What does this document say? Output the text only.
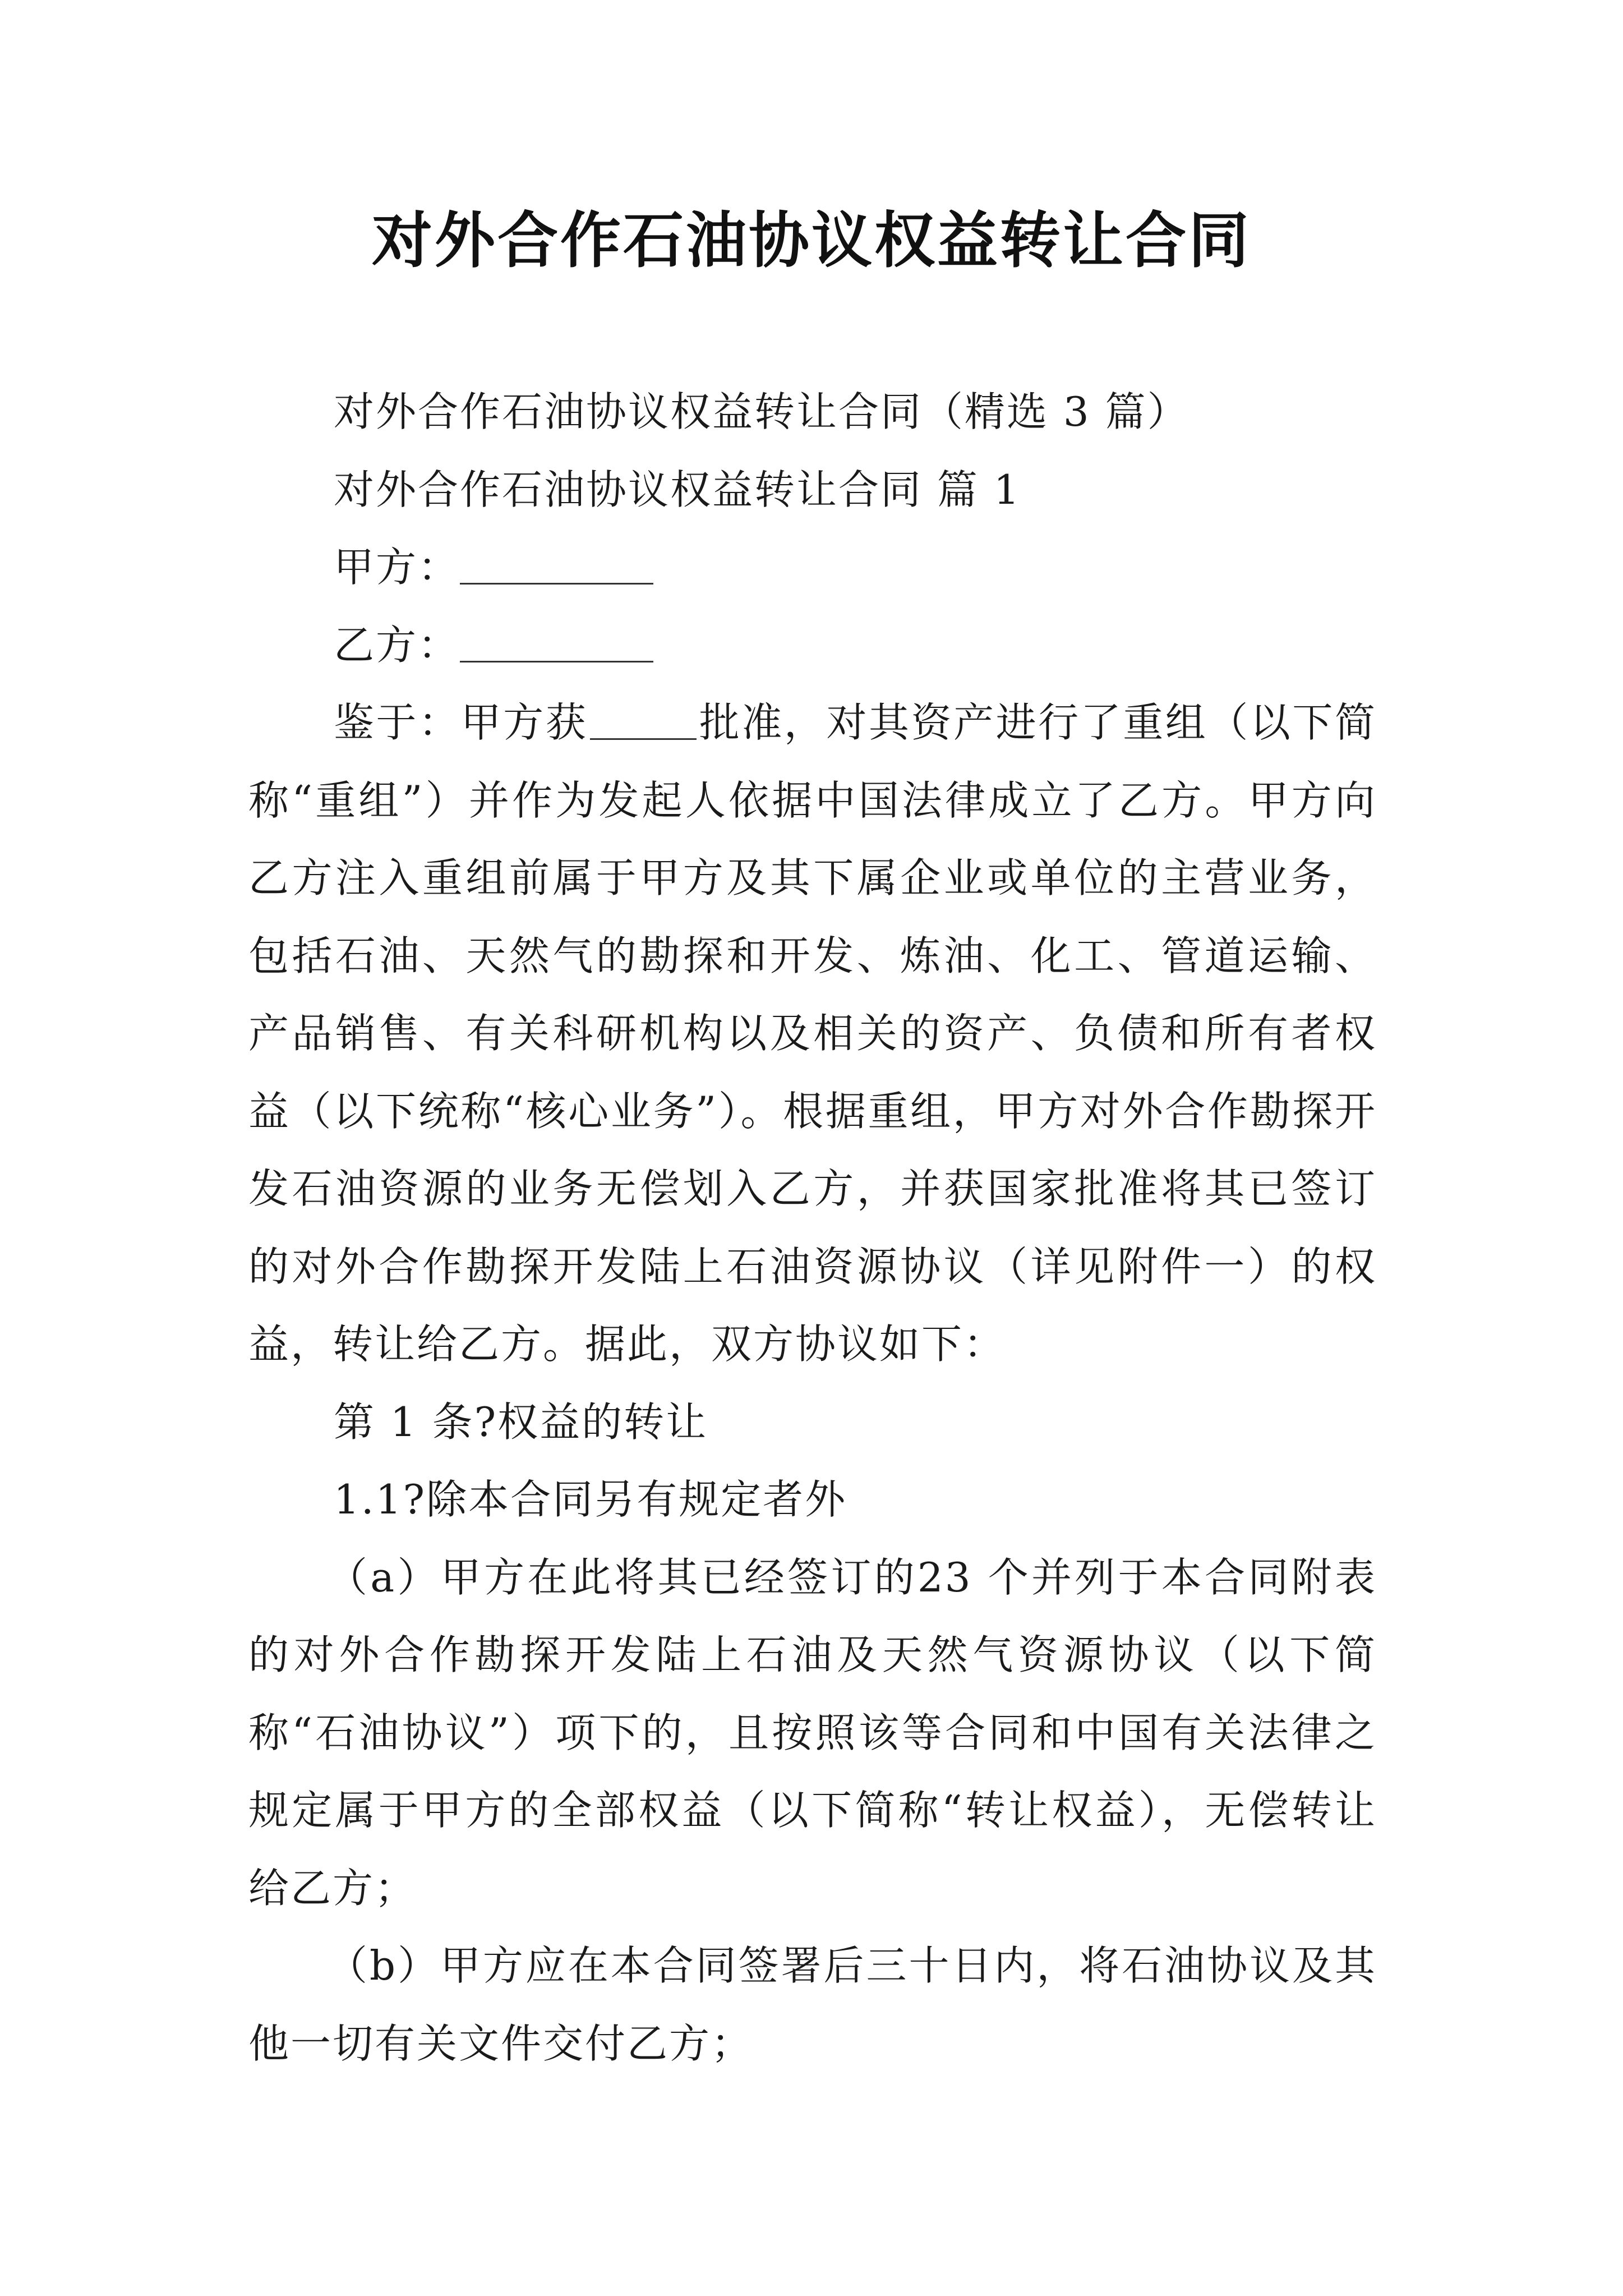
对外合作石油协议权益转让合同

对外合作石油协议权益转让合同（精选 3 篇）

对外合作石油协议权益转让合同 篇 1

甲方：

乙方：

鉴于：甲方获	批准，对其资产进行了重组（以下简称“重组”）并作为发起人依据中国法律成立了乙方。甲方向乙方注入重组前属于甲方及其下属企业或单位的主营业务，包括石油、天然气的勘探和开发、炼油、化工、管道运输、产品销售、有关科研机构以及相关的资产、负债和所有者权益（以下统称“核心业务”）。根据重组，甲方对外合作勘探开发石油资源的业务无偿划入乙方，并获国家批准将其已签订的对外合作勘探开发陆上石油资源协议（详见附件一）的权益，转让给乙方。据此，双方协议如下：

第 1 条?权益的转让

1.1?除本合同另有规定者外

（a）甲方在此将其已经签订的23 个并列于本合同附表的对外合作勘探开发陆上石油及天然气资源协议（以下简称“石油协议”）项下的，且按照该等合同和中国有关法律之规定属于甲方的全部权益（以下简称“转让权益），无偿转让给乙方；

（b）甲方应在本合同签署后三十日内，将石油协议及其他一切有关文件交付乙方；
